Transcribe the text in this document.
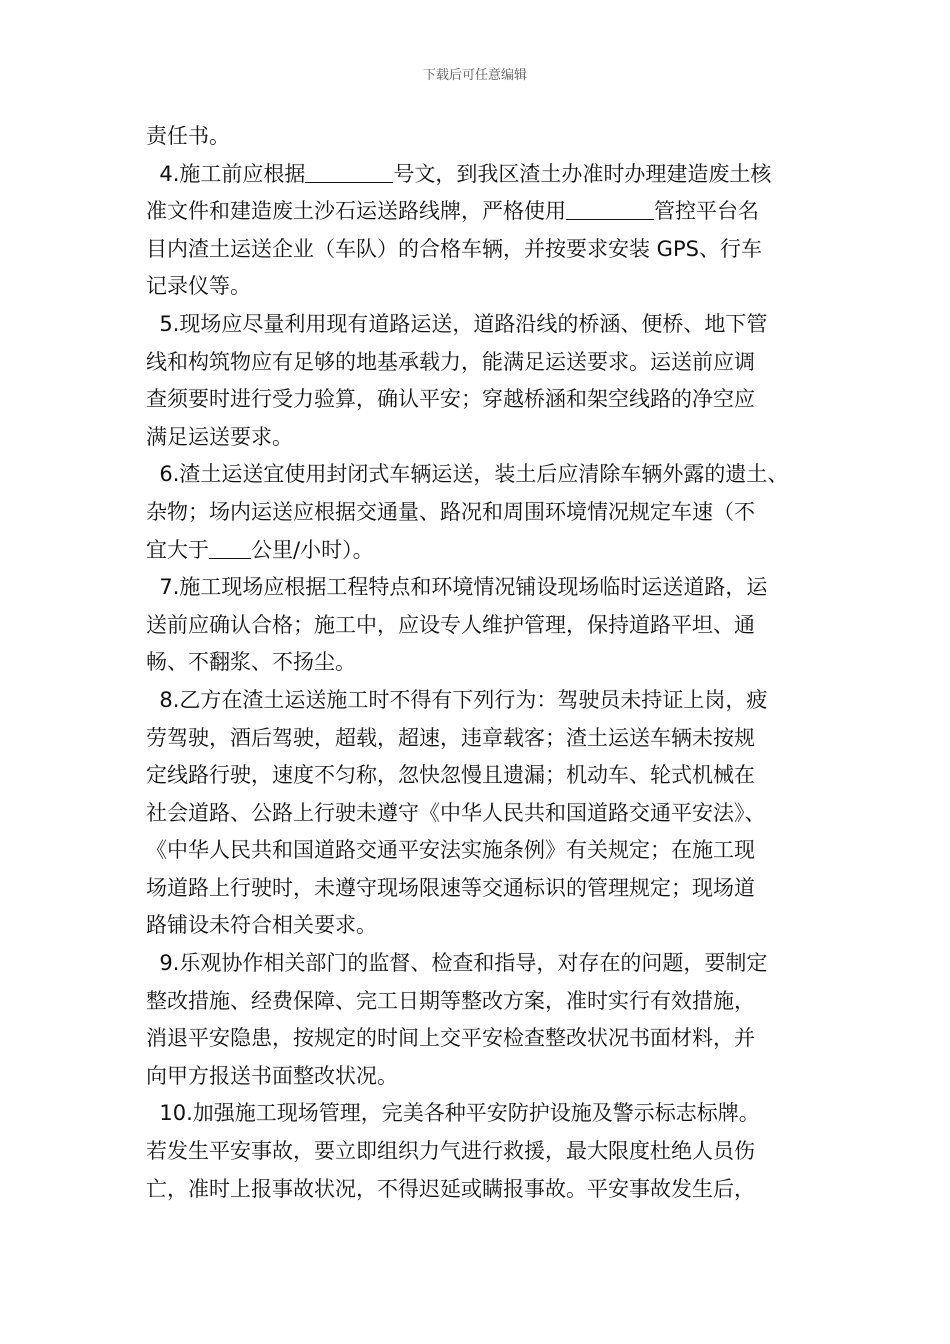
下载后可任意编辑
责任书。
4.施工前应根据	号文，到我区渣土办准时办理建造废土核
准文件和建造废土沙石运送路线牌，严格使用	管控平台名
目内渣土运送企业（车队）的合格车辆，并按要求安装 GPS、行车
记录仪等。
5.现场应尽量利用现有道路运送，道路沿线的桥涵、便桥、地下管
线和构筑物应有足够的地基承载力，能满足运送要求。运送前应调
查须要时进行受力验算，确认平安；穿越桥涵和架空线路的净空应
满足运送要求。
6.渣土运送宜使用封闭式车辆运送，装土后应清除车辆外露的遗土、
杂物；场内运送应根据交通量、路况和周围环境情况规定车速（不
宜大于 公里/小时）。
7.施工现场应根据工程特点和环境情况铺设现场临时运送道路，运
送前应确认合格；施工中，应设专人维护管理，保持道路平坦、通
畅、不翻浆、不扬尘。
8.乙方在渣土运送施工时不得有下列行为：驾驶员未持证上岗，疲
劳驾驶，酒后驾驶，超载，超速，违章载客；渣土运送车辆未按规
定线路行驶，速度不匀称，忽快忽慢且遗漏；机动车、轮式机械在
社会道路、公路上行驶未遵守《中华人民共和国道路交通平安法》、
《中华人民共和国道路交通平安法实施条例》有关规定；在施工现
场道路上行驶时，未遵守现场限速等交通标识的管理规定；现场道
路铺设未符合相关要求。
9.乐观协作相关部门的监督、检查和指导，对存在的问题，要制定
整改措施、经费保障、完工日期等整改方案，准时实行有效措施，
消退平安隐患，按规定的时间上交平安检查整改状况书面材料，并
向甲方报送书面整改状况。
10.加强施工现场管理，完美各种平安防护设施及警示标志标牌。
若发生平安事故，要立即组织力气进行救援，最大限度杜绝人员伤
亡，准时上报事故状况，不得迟延或瞒报事故。平安事故发生后，
